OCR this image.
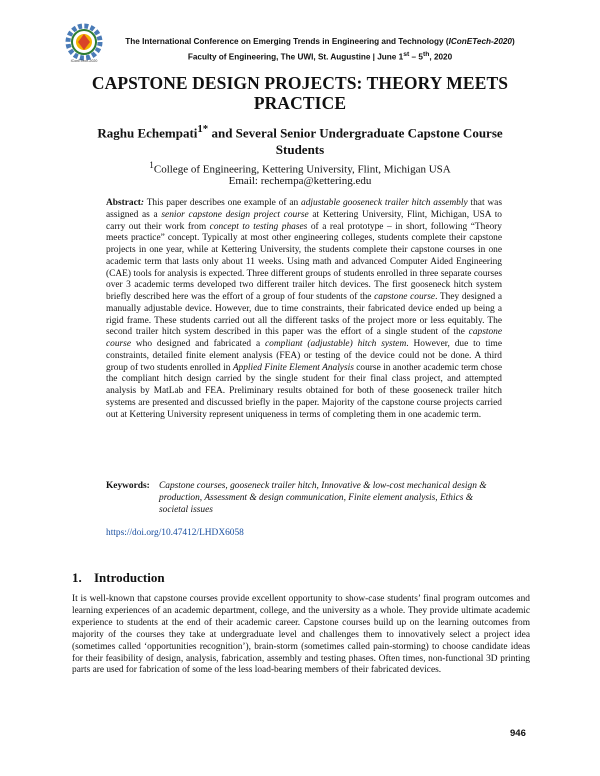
IConETech-2020
The International Conference on Emerging Trends in Engineering and Technology (IConETech-2020)
Faculty of Engineering, The UWI, St. Augustine | June 1st – 5th, 2020
CAPSTONE DESIGN PROJECTS: THEORY MEETS PRACTICE
Raghu Echempati$^{1*}$ and Several Senior Undergraduate Capstone Course Students
$^1$College of Engineering, Kettering University, Flint, Michigan USA
Email: rechempa@kettering.edu
Abstract: This paper describes one example of an adjustable gooseneck trailer hitch assembly that was assigned as a senior capstone design project course at Kettering University, Flint, Michigan, USA to carry out their work from concept to testing phases of a real prototype – in short, following “Theory meets practice” concept. Typically at most other engineering colleges, students complete their capstone projects in one year, while at Kettering University, the students complete their capstone courses in one academic term that lasts only about 11 weeks. Using math and advanced Computer Aided Engineering (CAE) tools for analysis is expected. Three different groups of students enrolled in three separate courses over 3 academic terms developed two different trailer hitch devices. The first gooseneck hitch system briefly described here was the effort of a group of four students of the capstone course. They designed a manually adjustable device. However, due to time constraints, their fabricated device ended up being a rigid frame. These students carried out all the different tasks of the project more or less equitably. The second trailer hitch system described in this paper was the effort of a single student of the capstone course who designed and fabricated a compliant (adjustable) hitch system. However, due to time constraints, detailed finite element analysis (FEA) or testing of the device could not be done. A third group of two students enrolled in Applied Finite Element Analysis course in another academic term chose the compliant hitch design carried by the single student for their final class project, and attempted analysis by MatLab and FEA. Preliminary results obtained for both of these gooseneck trailer hitch systems are presented and discussed briefly in the paper. Majority of the capstone course projects carried out at Kettering University represent uniqueness in terms of completing them in one academic term.
Keywords: Capstone courses, gooseneck trailer hitch, Innovative & low-cost mechanical design & production, Assessment & design communication, Finite element analysis, Ethics & societal issues
https://doi.org/10.47412/LHDX6058
1. Introduction
It is well-known that capstone courses provide excellent opportunity to show-case students’ final program outcomes and learning experiences of an academic department, college, and the university as a whole. They provide ultimate academic experience to students at the end of their academic career. Capstone courses build up on the learning outcomes from majority of the courses they take at undergraduate level and challenges them to innovatively select a project idea (sometimes called ‘opportunities recognition’), brain-storm (sometimes called pain-storming) to choose candidate ideas for their feasibility of design, analysis, fabrication, assembly and testing phases. Often times, non-functional 3D printing parts are used for fabrication of some of the less load-bearing members of their fabricated devices.
946
